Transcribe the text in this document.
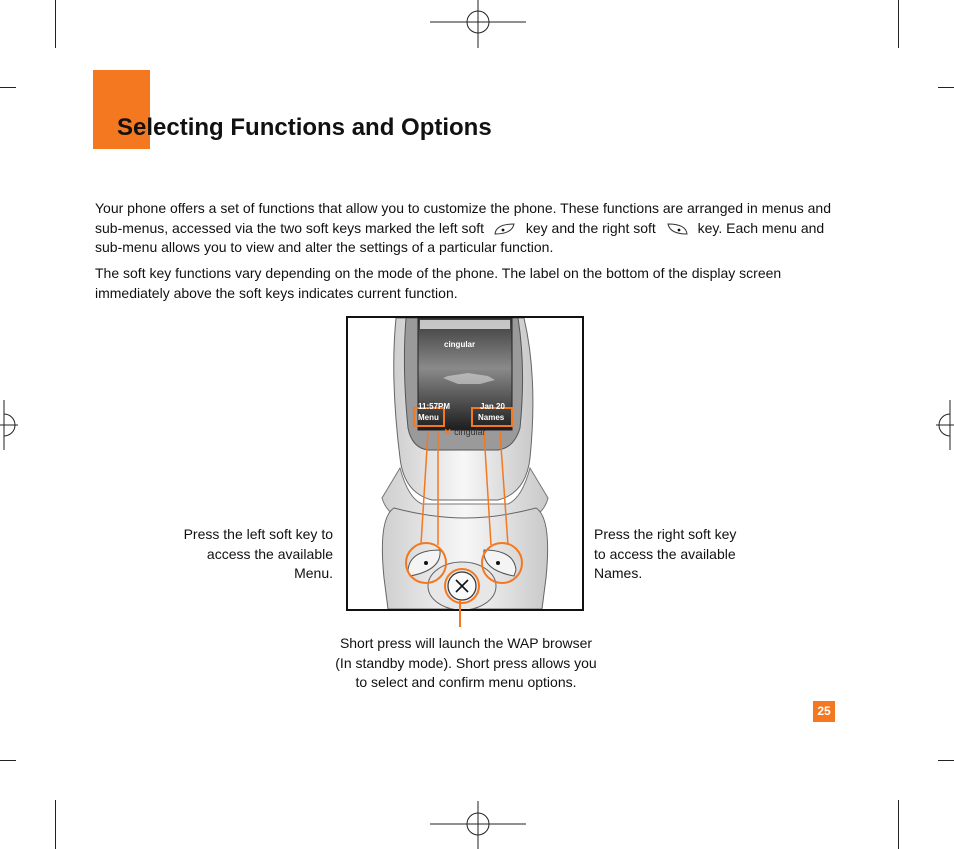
Selecting Functions and Options

Your phone offers a set of functions that allow you to customize the phone. These functions are arranged in menus and sub-menus, accessed via the two soft keys marked the left soft	key and the right soft	key. Each menu and sub-menu allows you to view and alter the settings of a particular function.

The soft key functions vary depending on the mode of the phone. The label on the bottom of the display screen immediately above the soft keys indicates current function.

cingular
11:57PM	Jan 20
Menu	Names
✕ cingular

Press the left soft key to
access the available
Menu.

Press the right soft key
to access the available
Names.

Short press will launch the WAP browser
(In standby mode). Short press allows you
to select and confirm menu options.

25
